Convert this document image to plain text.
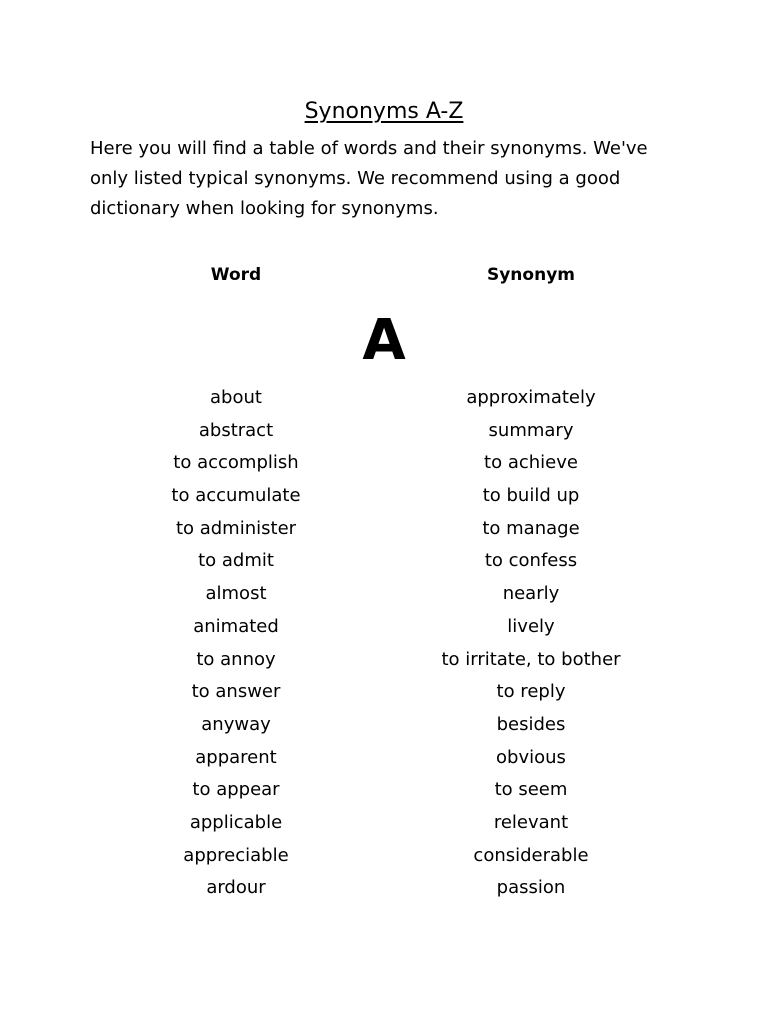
Synonyms A-Z

Here you will find a table of words and their synonyms. We've only listed typical synonyms. We recommend using a good dictionary when looking for synonyms.

Word	Synonym
A
about	approximately
abstract	summary
to accomplish	to achieve
to accumulate	to build up
to administer	to manage
to admit	to confess
almost	nearly
animated	lively
to annoy	to irritate, to bother
to answer	to reply
anyway	besides
apparent	obvious
to appear	to seem
applicable	relevant
appreciable	considerable
ardour	passion
